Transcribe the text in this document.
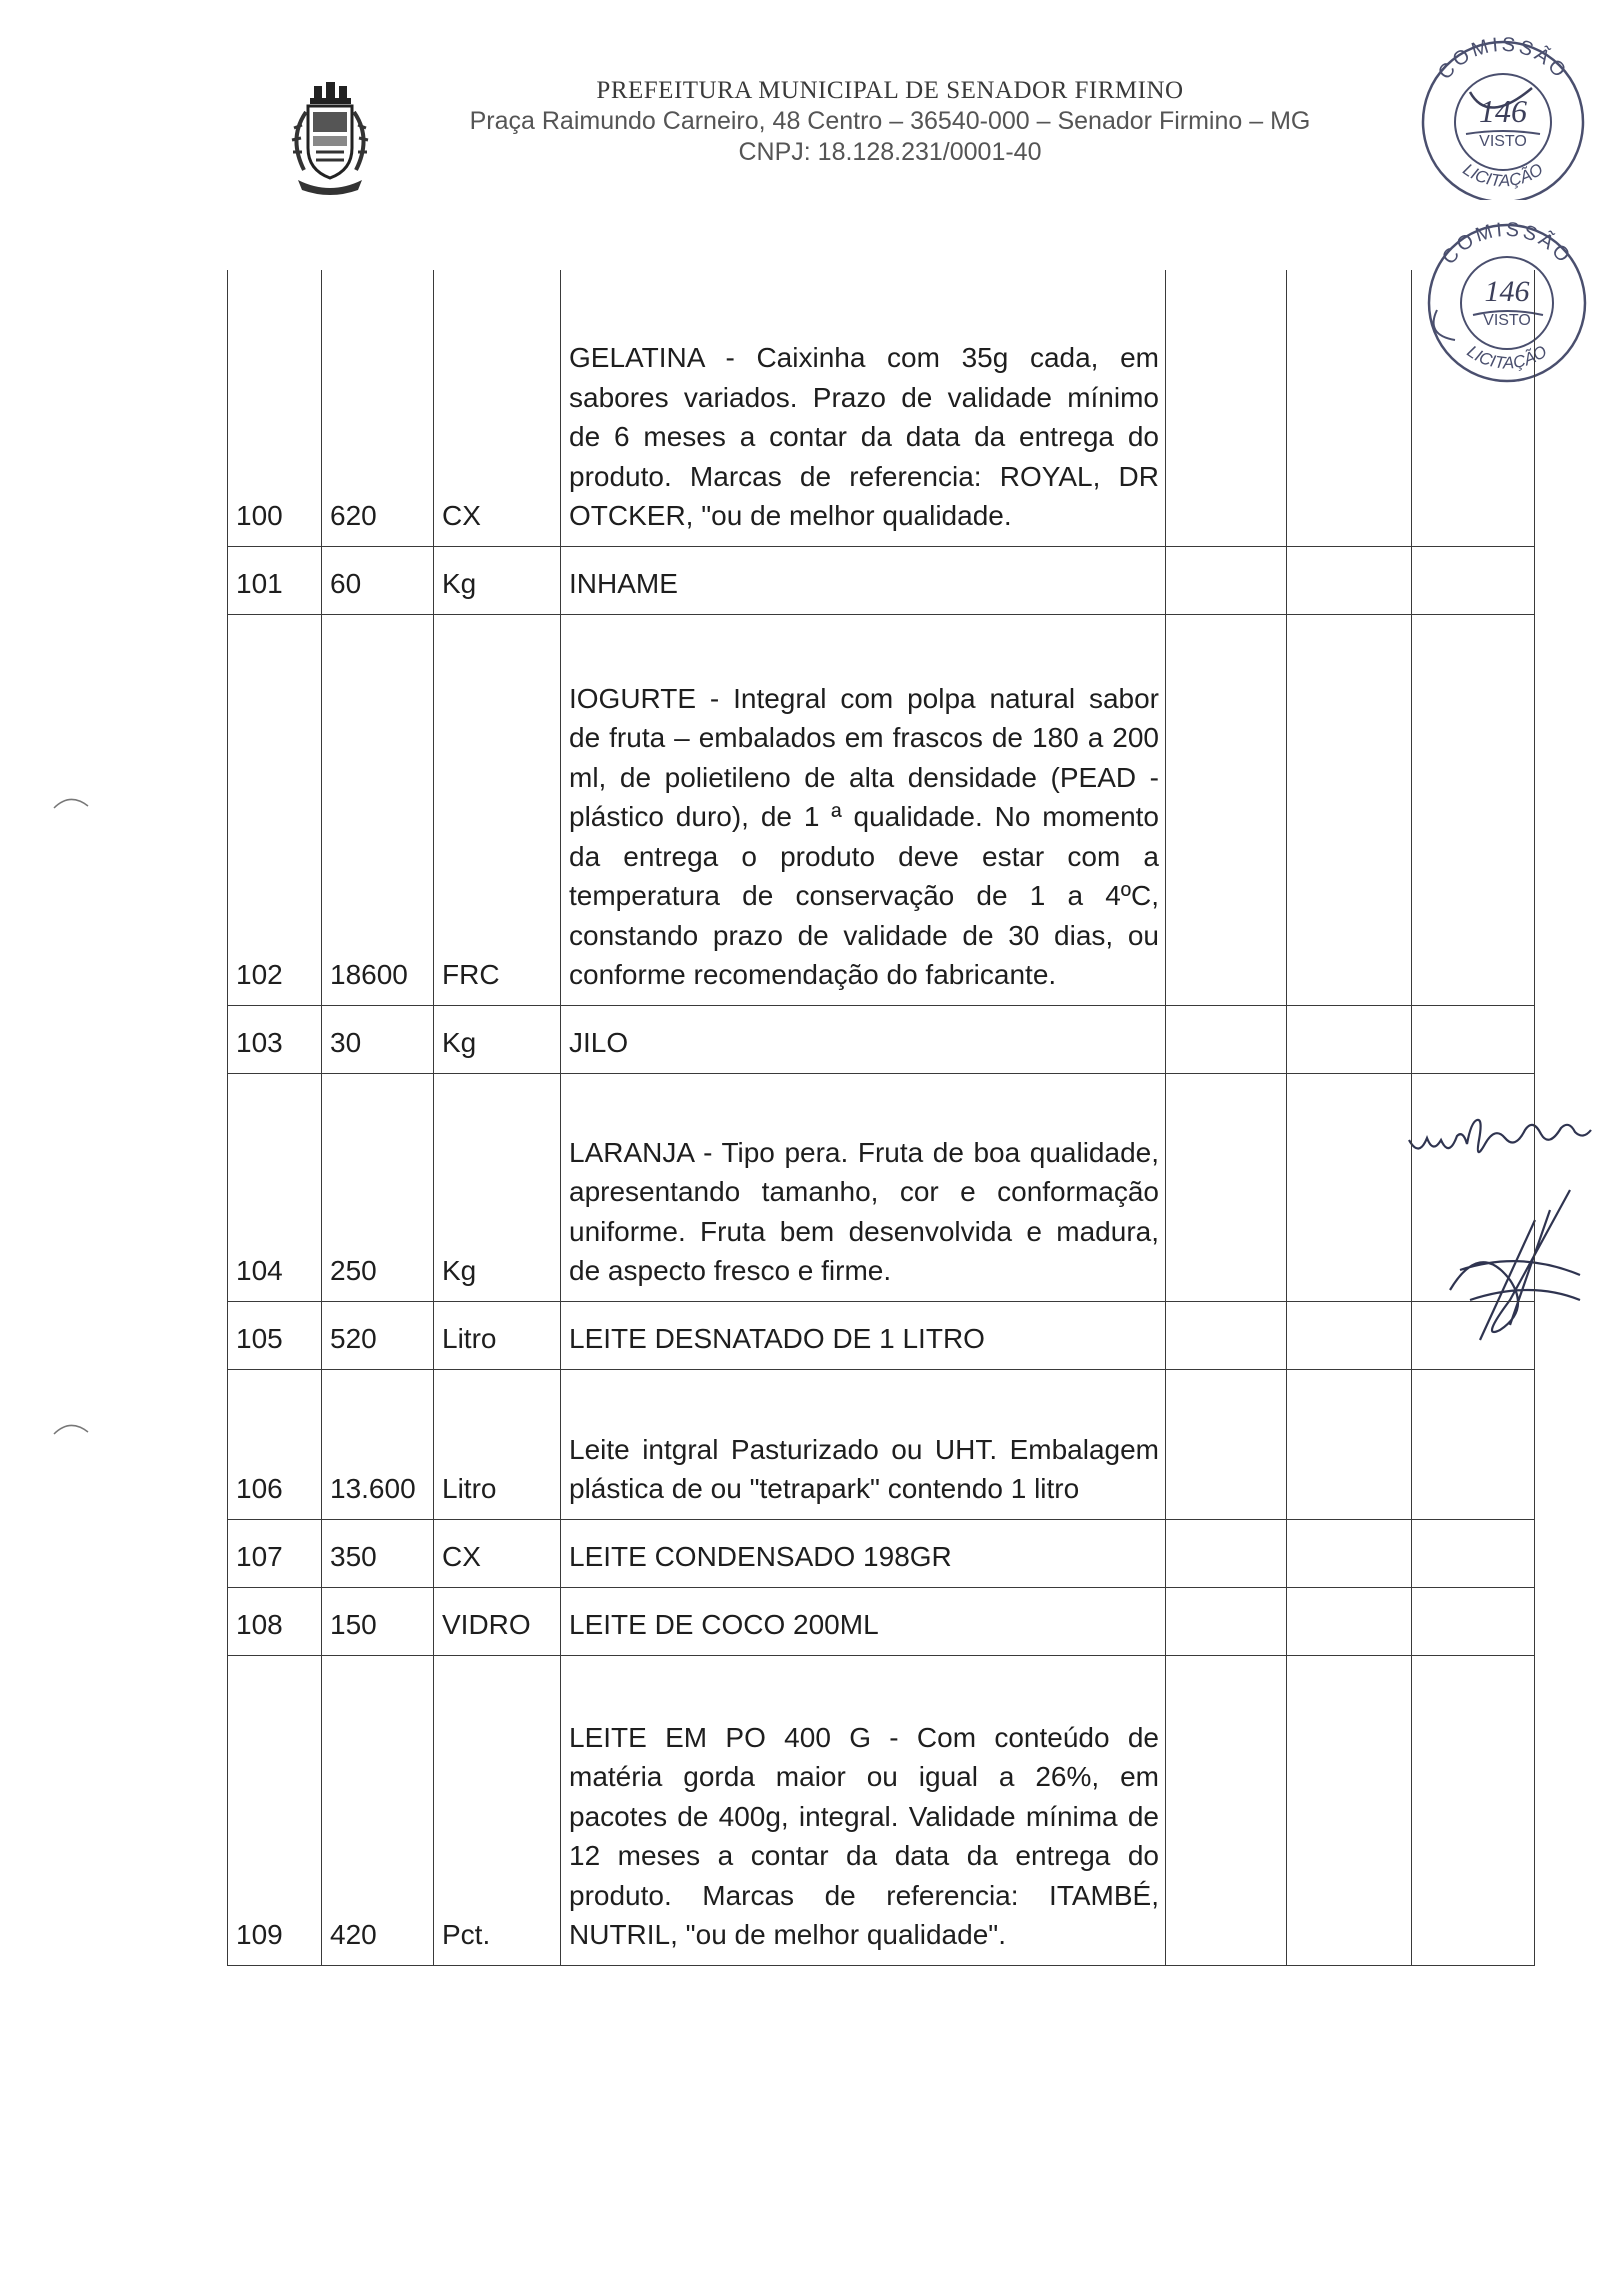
PREFEITURA MUNICIPAL DE SENADOR FIRMINO
Praça Raimundo Carneiro, 48 Centro – 36540-000 – Senador Firmino – MG
CNPJ: 18.128.231/0001-40
COMISSÃO
LICITAÇÃO
146
VISTO
COMISSÃO
LICITAÇÃO
146
VISTO
100	620	CX	GELATINA - Caixinha com 35g cada, em sabores variados. Prazo de validade mínimo de 6 meses a contar da data da entrega do produto. Marcas de referencia: ROYAL, DR OTCKER, "ou de melhor qualidade.			
101	60	Kg	INHAME			
102	18600	FRC	IOGURTE - Integral com polpa natural sabor de fruta – embalados em frascos de 180 a 200 ml, de polietileno de alta densidade (PEAD - plástico duro), de 1 ª qualidade. No momento da entrega o produto deve estar com a temperatura de conservação de 1 a 4ºC, constando prazo de validade de 30 dias, ou conforme recomendação do fabricante.			
103	30	Kg	JILO			
104	250	Kg	LARANJA - Tipo pera. Fruta de boa qualidade, apresentando tamanho, cor e conformação uniforme. Fruta bem desenvolvida e madura, de aspecto fresco e firme.			
105	520	Litro	LEITE DESNATADO DE 1 LITRO			
106	13.600	Litro	Leite intgral Pasturizado ou UHT. Embalagem plástica de ou "tetrapark" contendo 1 litro			
107	350	CX	LEITE CONDENSADO 198GR			
108	150	VIDRO	LEITE DE COCO 200ML			
109	420	Pct.	LEITE EM PO 400 G - Com conteúdo de matéria gorda maior ou igual a 26%, em pacotes de 400g, integral. Validade mínima de 12 meses a contar da data da entrega do produto. Marcas de referencia: ITAMBÉ, NUTRIL, "ou de melhor qualidade".			
